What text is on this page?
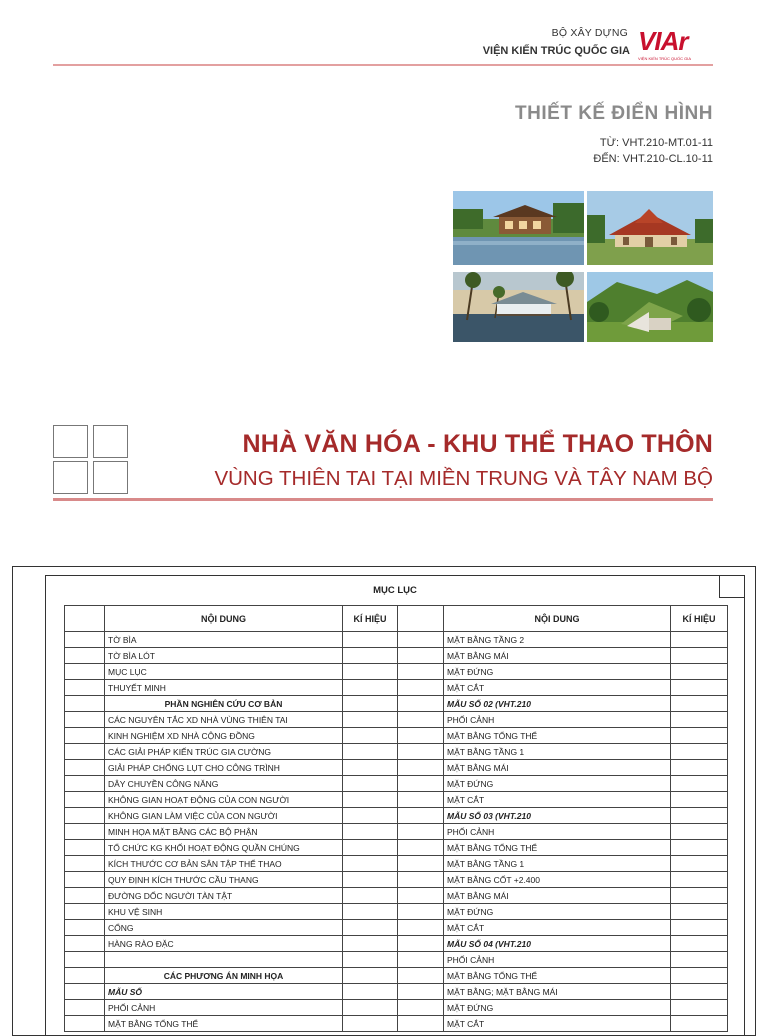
BỘ XÂY DỰNG
VIỆN KIẾN TRÚC QUỐC GIA VIAr
VIỆN KIẾN TRÚC QUỐC GIA
THIẾT KẾ ĐIỂN HÌNH
TỪ: VHT.210-MT.01-11
ĐẾN: VHT.210-CL.10-11
NHÀ VĂN HÓA - KHU THỂ THAO THÔN
VÙNG THIÊN TAI TẠI MIỀN TRUNG VÀ TÂY NAM BỘ
MỤC LỤC
	NỘI DUNG	KÍ HIỆU		NỘI DUNG	KÍ HIỆU
	TỜ BÌA			MẶT BẰNG TẦNG 2	
	TỜ BÌA LÓT			MẶT BẰNG MÁI	
	MỤC LỤC			MẶT ĐỨNG	
	THUYẾT MINH			MẶT CẮT	
	PHẦN NGHIÊN CỨU CƠ BẢN			MẪU SỐ 02 (VHT.210	
	CÁC NGUYÊN TẮC XD NHÀ VÙNG THIÊN TAI			PHỐI CẢNH	
	KINH NGHIỆM XD NHÀ CỘNG ĐỒNG			MẶT BẰNG TỔNG THỂ	
	CÁC GIẢI PHÁP KIẾN TRÚC GIA CƯỜNG			MẶT BẰNG TẦNG 1	
	GIẢI PHÁP CHỐNG LỤT CHO CÔNG TRÌNH			MẶT BẰNG MÁI	
	DÂY CHUYỀN CÔNG NĂNG			MẶT ĐỨNG	
	KHÔNG GIAN HOẠT ĐỘNG CỦA CON NGƯỜI			MẶT CẮT	
	KHÔNG GIAN LÀM VIỆC CỦA CON NGƯỜI			MẪU SỐ 03 (VHT.210	
	MINH HỌA MẶT BẰNG CÁC BỘ PHẬN			PHỐI CẢNH	
	TỔ CHỨC KG KHỐI HOẠT ĐỘNG QUẦN CHÚNG			MẶT BẰNG TỔNG THỂ	
	KÍCH THƯỚC CƠ BẢN SÂN TẬP THỂ THAO			MẶT BẰNG TẦNG 1	
	QUY ĐỊNH KÍCH THƯỚC CẦU THANG			MẶT BẰNG CỐT +2.400	
	ĐƯỜNG DỐC NGƯỜI TÀN TẬT			MẶT BẰNG MÁI	
	KHU VỆ SINH			MẶT ĐỨNG	
	CỔNG			MẶT CẮT	
	HÀNG RÀO ĐẶC			MẪU SỐ 04 (VHT.210	
				PHỐI CẢNH	
	CÁC PHƯƠNG ÁN MINH HỌA			MẶT BẰNG TỔNG THỂ	
	MẪU SỐ			MẶT BẰNG; MẶT BẰNG MÁI	
	PHỐI CẢNH			MẶT ĐỨNG	
	MẶT BẰNG TỔNG THỂ			MẶT CẮT	
